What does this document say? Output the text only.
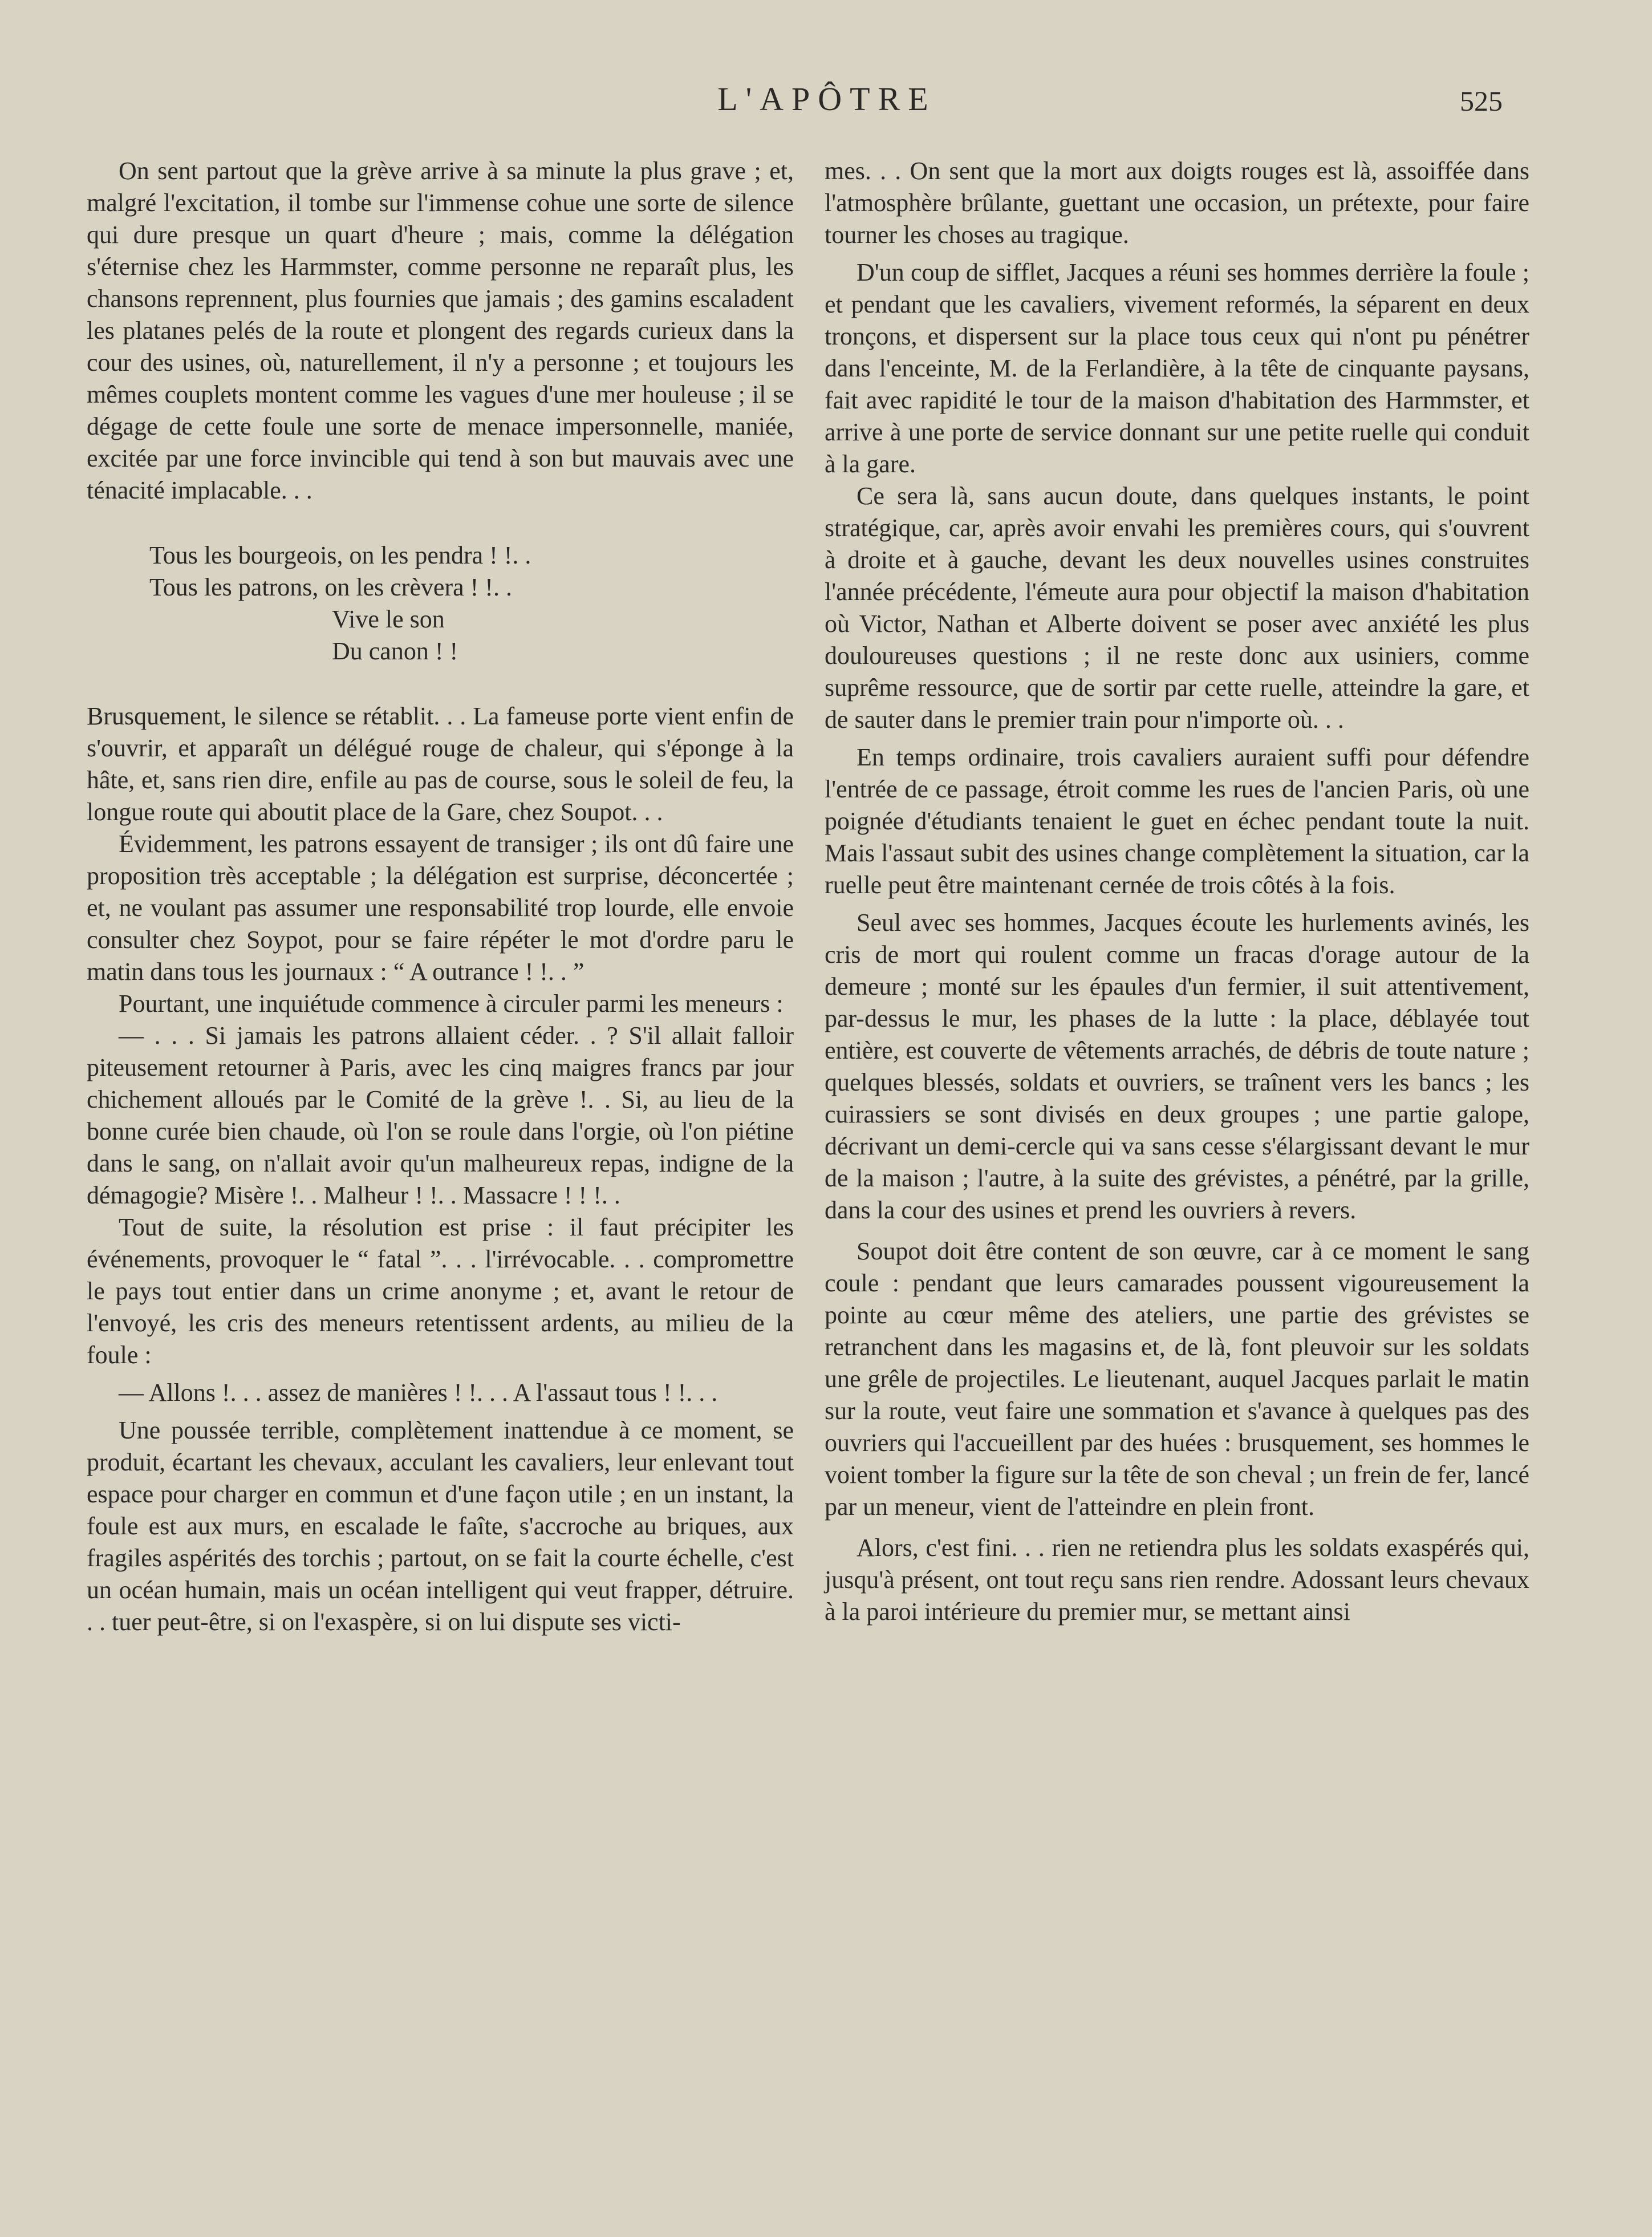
L'APÔTRE	525

On sent partout que la grève arrive à sa minute la plus grave ; et, malgré l'excitation, il tombe sur l'immense cohue une sorte de silence qui dure presque un quart d'heure ; mais, comme la délégation s'éternise chez les Harmmster, comme personne ne reparaît plus, les chansons reprennent, plus fournies que jamais ; des gamins escaladent les platanes pelés de la route et plongent des regards curieux dans la cour des usines, où, naturellement, il n'y a personne ; et toujours les mêmes couplets montent comme les vagues d'une mer houleuse ; il se dégage de cette foule une sorte de menace impersonnelle, maniée, excitée par une force invincible qui tend à son but mauvais avec une ténacité implacable. . .

Tous les bourgeois, on les pendra ! !. .
Tous les patrons, on les crèvera ! !. .
Vive le son
Du canon ! !

Brusquement, le silence se rétablit. . . La fameuse porte vient enfin de s'ouvrir, et apparaît un délégué rouge de chaleur, qui s'éponge à la hâte, et, sans rien dire, enfile au pas de course, sous le soleil de feu, la longue route qui aboutit place de la Gare, chez Soupot. . .

Évidemment, les patrons essayent de transiger ; ils ont dû faire une proposition très acceptable ; la délégation est surprise, déconcertée ; et, ne voulant pas assumer une responsabilité trop lourde, elle envoie consulter chez Soypot, pour se faire répéter le mot d'ordre paru le matin dans tous les journaux : “ A outrance ! !. . ”

Pourtant, une inquiétude commence à circuler parmi les meneurs :

— . . . Si jamais les patrons allaient céder. . ? S'il allait falloir piteusement retourner à Paris, avec les cinq maigres francs par jour chichement alloués par le Comité de la grève !. . Si, au lieu de la bonne curée bien chaude, où l'on se roule dans l'orgie, où l'on piétine dans le sang, on n'allait avoir qu'un malheureux repas, indigne de la démagogie? Misère !. . Malheur ! !. . Massacre ! ! !. .

Tout de suite, la résolution est prise : il faut précipiter les événements, provoquer le “ fatal ”. . . l'irrévocable. . . compromettre le pays tout entier dans un crime anonyme ; et, avant le retour de l'envoyé, les cris des meneurs retentissent ardents, au milieu de la foule :

— Allons !. . . assez de manières ! !. . . A l'assaut tous ! !. . .

Une poussée terrible, complètement inattendue à ce moment, se produit, écartant les chevaux, acculant les cavaliers, leur enlevant tout espace pour charger en commun et d'une façon utile ; en un instant, la foule est aux murs, en escalade le faîte, s'accroche au briques, aux fragiles aspérités des torchis ; partout, on se fait la courte échelle, c'est un océan humain, mais un océan intelligent qui veut frapper, détruire. . . tuer peut-être, si on l'exaspère, si on lui dispute ses victi-

mes. . . On sent que la mort aux doigts rouges est là, assoiffée dans l'atmosphère brûlante, guettant une occasion, un prétexte, pour faire tourner les choses au tragique.

D'un coup de sifflet, Jacques a réuni ses hommes derrière la foule ; et pendant que les cavaliers, vivement reformés, la séparent en deux tronçons, et dispersent sur la place tous ceux qui n'ont pu pénétrer dans l'enceinte, M. de la Ferlandière, à la tête de cinquante paysans, fait avec rapidité le tour de la maison d'habitation des Harmmster, et arrive à une porte de service donnant sur une petite ruelle qui conduit à la gare.

Ce sera là, sans aucun doute, dans quelques instants, le point stratégique, car, après avoir envahi les premières cours, qui s'ouvrent à droite et à gauche, devant les deux nouvelles usines construites l'année précédente, l'émeute aura pour objectif la maison d'habitation où Victor, Nathan et Alberte doivent se poser avec anxiété les plus douloureuses questions ; il ne reste donc aux usiniers, comme suprême ressource, que de sortir par cette ruelle, atteindre la gare, et de sauter dans le premier train pour n'importe où. . .

En temps ordinaire, trois cavaliers auraient suffi pour défendre l'entrée de ce passage, étroit comme les rues de l'ancien Paris, où une poignée d'étudiants tenaient le guet en échec pendant toute la nuit. Mais l'assaut subit des usines change complètement la situation, car la ruelle peut être maintenant cernée de trois côtés à la fois.

Seul avec ses hommes, Jacques écoute les hurlements avinés, les cris de mort qui roulent comme un fracas d'orage autour de la demeure ; monté sur les épaules d'un fermier, il suit attentivement, par-dessus le mur, les phases de la lutte : la place, déblayée tout entière, est couverte de vêtements arrachés, de débris de toute nature ; quelques blessés, soldats et ouvriers, se traînent vers les bancs ; les cuirassiers se sont divisés en deux groupes ; une partie galope, décrivant un demi-cercle qui va sans cesse s'élargissant devant le mur de la maison ; l'autre, à la suite des grévistes, a pénétré, par la grille, dans la cour des usines et prend les ouvriers à revers.

Soupot doit être content de son œuvre, car à ce moment le sang coule : pendant que leurs camarades poussent vigoureusement la pointe au cœur même des ateliers, une partie des grévistes se retranchent dans les magasins et, de là, font pleuvoir sur les soldats une grêle de projectiles. Le lieutenant, auquel Jacques parlait le matin sur la route, veut faire une sommation et s'avance à quelques pas des ouvriers qui l'accueillent par des huées : brusquement, ses hommes le voient tomber la figure sur la tête de son cheval ; un frein de fer, lancé par un meneur, vient de l'atteindre en plein front.

Alors, c'est fini. . . rien ne retiendra plus les soldats exaspérés qui, jusqu'à présent, ont tout reçu sans rien rendre. Adossant leurs chevaux à la paroi intérieure du premier mur, se mettant ainsi
